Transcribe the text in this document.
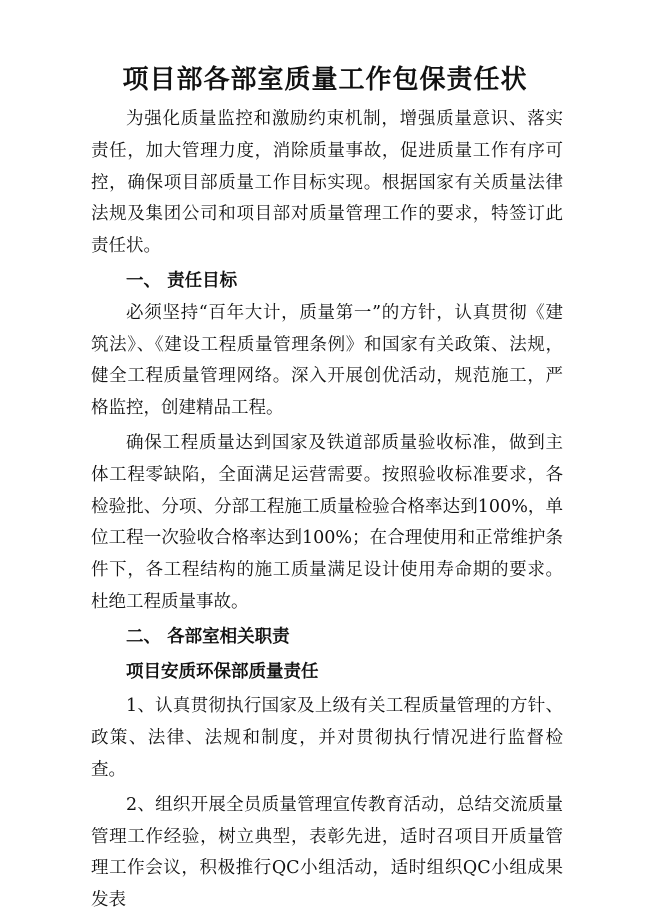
项目部各部室质量工作包保责任状

为强化质量监控和激励约束机制，增强质量意识、落实责任，加大管理力度，消除质量事故，促进质量工作有序可控，确保项目部质量工作目标实现。根据国家有关质量法律法规及集团公司和项目部对质量管理工作的要求，特签订此责任状。

一、 责任目标

必须坚持“百年大计，质量第一”的方针，认真贯彻《建筑法》、《建设工程质量管理条例》和国家有关政策、法规，健全工程质量管理网络。深入开展创优活动，规范施工，严格监控，创建精品工程。

确保工程质量达到国家及铁道部质量验收标准，做到主体工程零缺陷，全面满足运营需要。按照验收标准要求，各检验批、分项、分部工程施工质量检验合格率达到100%，单位工程一次验收合格率达到100%；在合理使用和正常维护条件下，各工程结构的施工质量满足设计使用寿命期的要求。杜绝工程质量事故。

二、 各部室相关职责

项目安质环保部质量责任

1、认真贯彻执行国家及上级有关工程质量管理的方针、政策、法律、法规和制度，并对贯彻执行情况进行监督检查。

2、组织开展全员质量管理宣传教育活动，总结交流质量管理工作经验，树立典型，表彰先进，适时召项目开质量管理工作会议，积极推行QC小组活动，适时组织QC小组成果发表
